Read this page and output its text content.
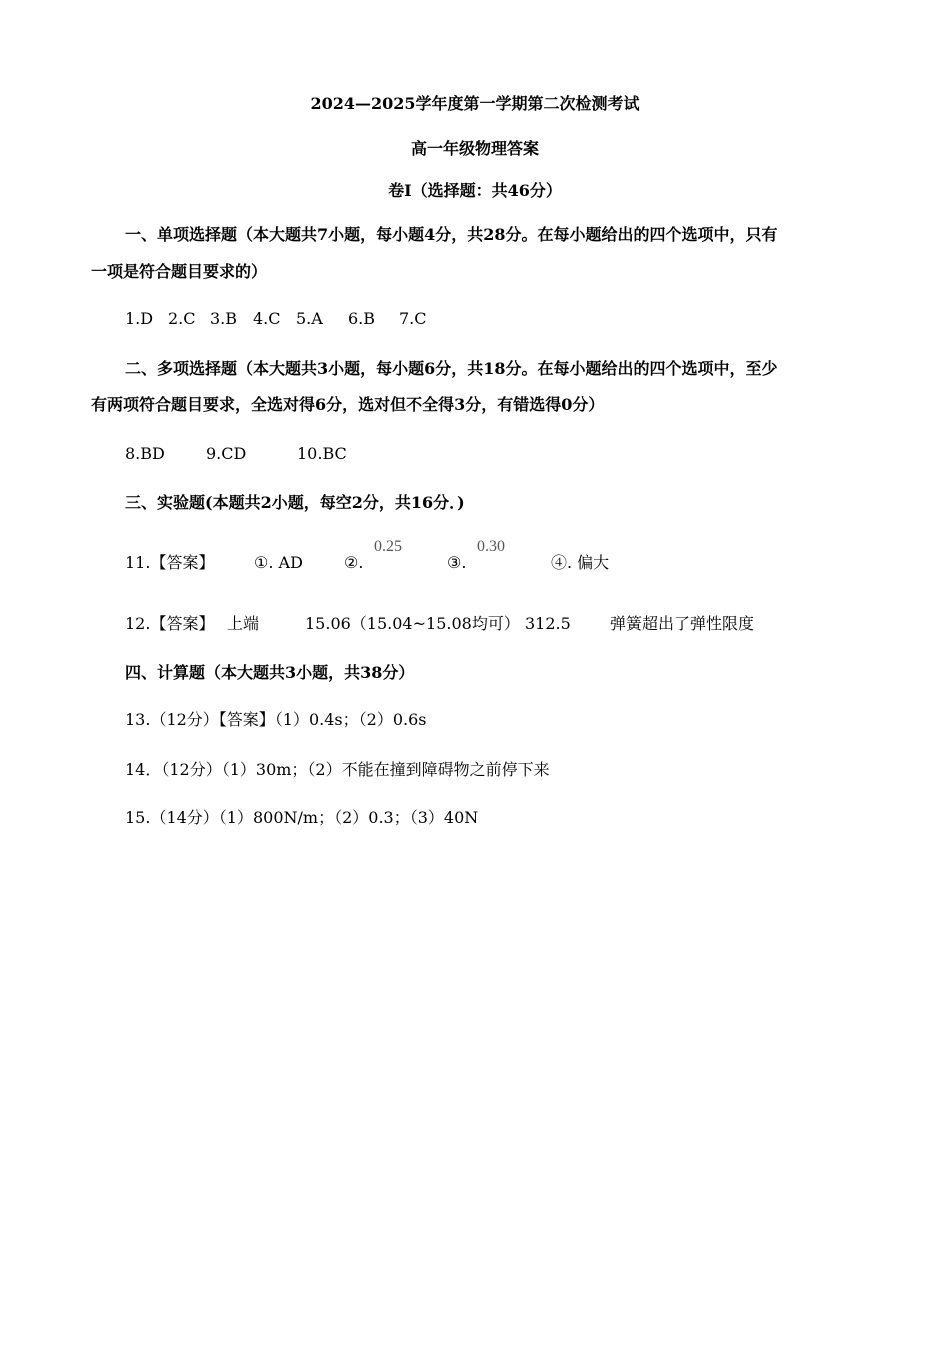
2024—2025学年度第一学期第二次检测考试
高一年级物理答案
卷Ⅰ（选择题：共46分）
一、单项选择题（本大题共7小题，每小题4分，共28分。在每小题给出的四个选项中，只有
一项是符合题目要求的）
1.D 2.C 3.B 4.C 5.A 6.B 7.C
二、多项选择题（本大题共3小题，每小题6分，共18分。在每小题给出的四个选项中，至少
有两项符合题目要求，全选对得6分，选对但不全得3分，有错选得0分）
8.BD	9.CD	10.BC
三、实验题(本题共2小题，每空2分，共16分．)
11.【答案】 ①. AD	②.
0.25
③.
0.30
④. 偏大
12.【答案】 上端	15.06（15.04~15.08均可） 312.5 弹簧超出了弹性限度
四、计算题（本大题共3小题，共38分）
13.（12分）【答案】（1）0.4s；（2）0.6s
14．（12分）（1）30m；（2）不能在撞到障碍物之前停下来
15.（14分）（1）800N/m；（2）0.3；（3）40N
